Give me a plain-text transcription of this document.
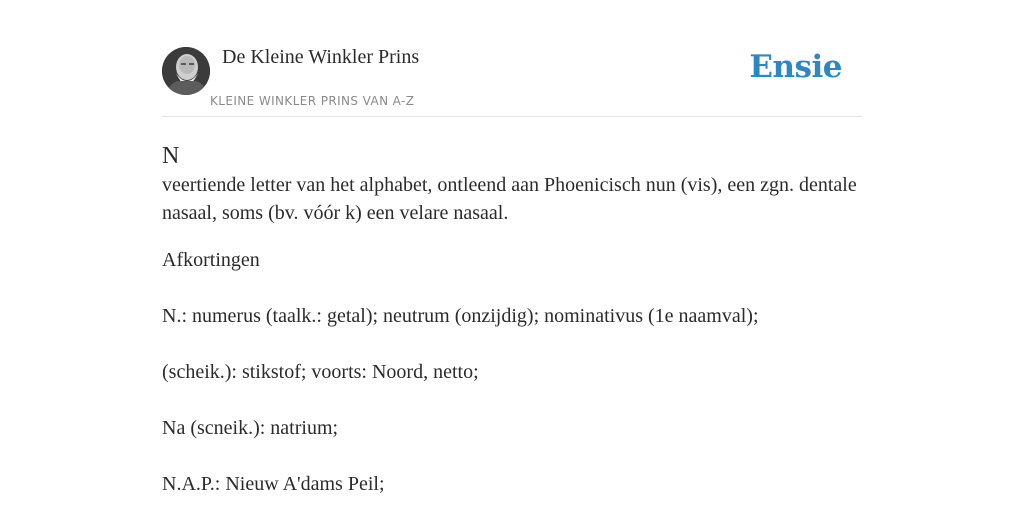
De Kleine Winkler Prins
KLEINE WINKLER PRINS VAN A-Z
Ensie
N

veertiende letter van het alphabet, ontleend aan Phoenicisch nun (vis), een zgn. dentale nasaal, soms (bv. vóór k) een velare nasaal.

Afkortingen

N.: numerus (taalk.: getal); neutrum (onzijdig); nominativus (1e naamval);
(scheik.): stikstof; voorts: Noord, netto;
Na (scneik.): natrium;
N.A.P.: Nieuw A'dams Peil;
